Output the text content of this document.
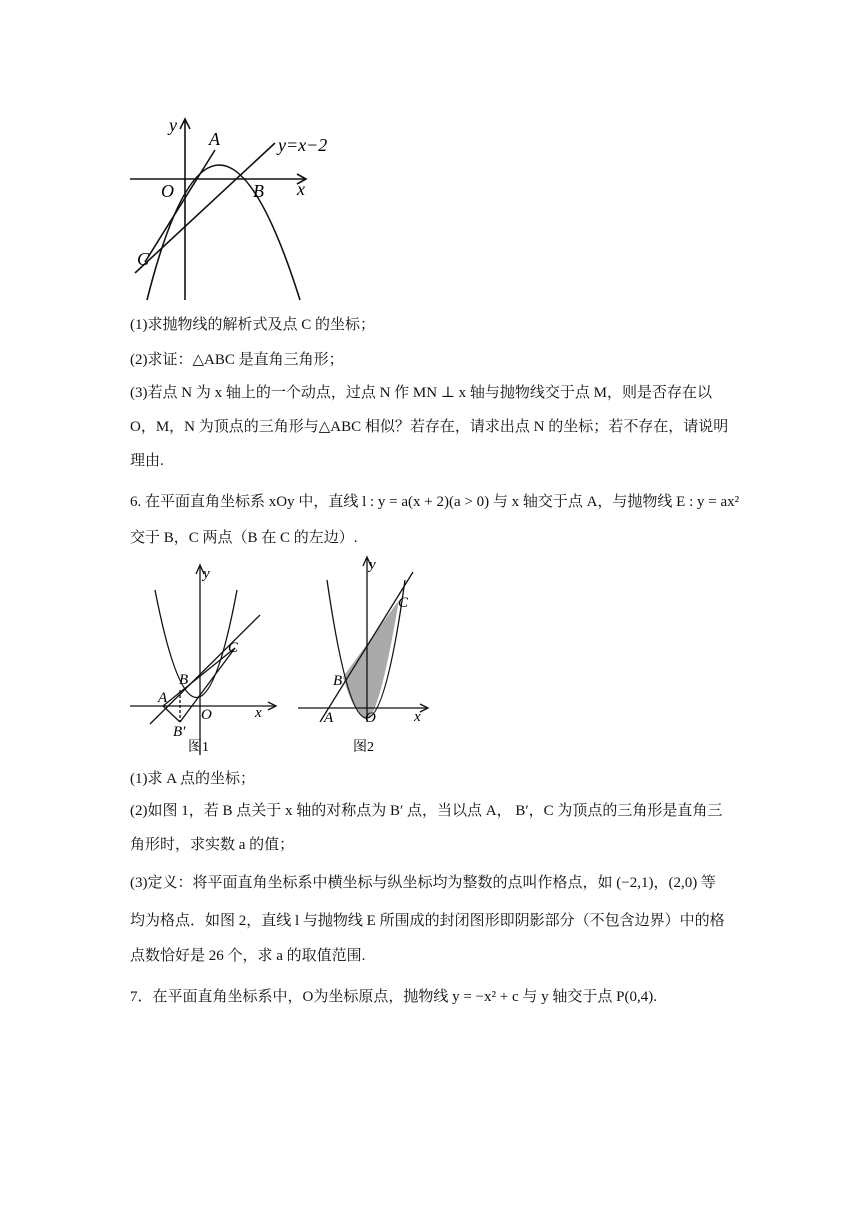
y
A	y=x−2
O	B x
C
(1)求抛物线的解析式及点 C 的坐标；
(2)求证：△ABC 是直角三角形；
(3)若点 N 为 x 轴上的一个动点，过点 N 作 MN ⊥ x 轴与抛物线交于点 M，则是否存在以
O，M，N 为顶点的三角形与△ABC 相似？若存在，请求出点 N 的坐标；若不存在，请说明
理由.
6. 在平面直角坐标系 xOy 中，直线 l : y = a(x + 2)(a > 0) 与 x 轴交于点 A，与抛物线 E : y = ax²
交于 B，C 两点（B 在 C 的左边）.
y
C
B
A
O	x
B′
图1
y
C
B
A O	x
图2
(1)求 A 点的坐标；
(2)如图 1，若 B 点关于 x 轴的对称点为 B′ 点，当以点 A， B′，C 为顶点的三角形是直角三
角形时，求实数 a 的值；
(3)定义：将平面直角坐标系中横坐标与纵坐标均为整数的点叫作格点，如 (−2,1)，(2,0) 等
均为格点．如图 2，直线 l 与抛物线 E 所围成的封闭图形即阴影部分（不包含边界）中的格
点数恰好是 26 个，求 a 的取值范围.
7．在平面直角坐标系中，O为坐标原点，抛物线 y = −x² + c 与 y 轴交于点 P(0,4).
